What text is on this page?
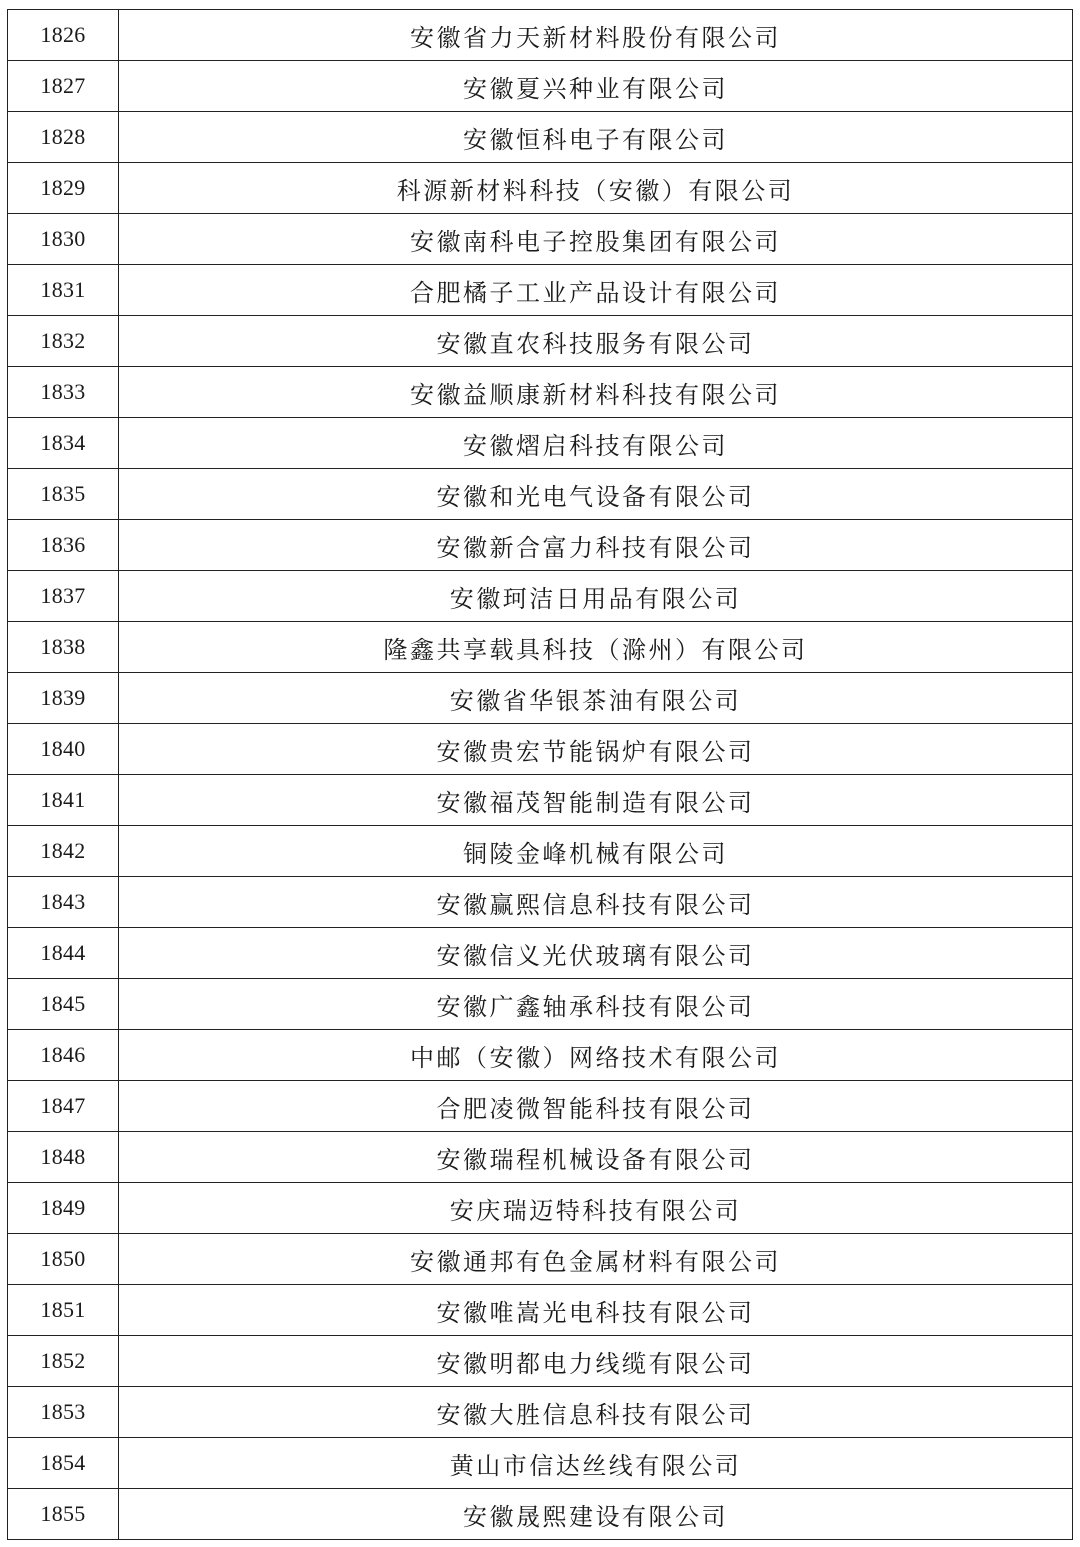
1826	安徽省力天新材料股份有限公司
1827	安徽夏兴种业有限公司
1828	安徽恒科电子有限公司
1829	科源新材料科技（安徽）有限公司
1830	安徽南科电子控股集团有限公司
1831	合肥橘子工业产品设计有限公司
1832	安徽直农科技服务有限公司
1833	安徽益顺康新材料科技有限公司
1834	安徽熠启科技有限公司
1835	安徽和光电气设备有限公司
1836	安徽新合富力科技有限公司
1837	安徽珂洁日用品有限公司
1838	隆鑫共享载具科技（滁州）有限公司
1839	安徽省华银茶油有限公司
1840	安徽贵宏节能锅炉有限公司
1841	安徽福茂智能制造有限公司
1842	铜陵金峰机械有限公司
1843	安徽赢熙信息科技有限公司
1844	安徽信义光伏玻璃有限公司
1845	安徽广鑫轴承科技有限公司
1846	中邮（安徽）网络技术有限公司
1847	合肥凌微智能科技有限公司
1848	安徽瑞程机械设备有限公司
1849	安庆瑞迈特科技有限公司
1850	安徽通邦有色金属材料有限公司
1851	安徽唯嵩光电科技有限公司
1852	安徽明都电力线缆有限公司
1853	安徽大胜信息科技有限公司
1854	黄山市信达丝线有限公司
1855	安徽晟熙建设有限公司
